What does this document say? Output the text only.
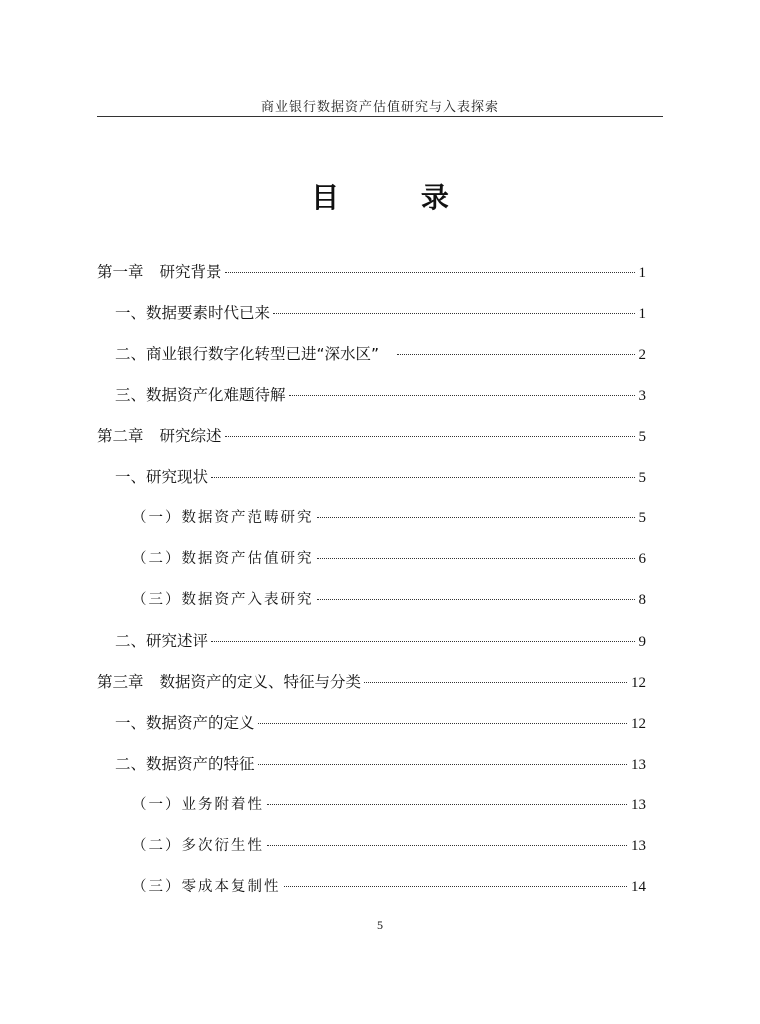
商业银行数据资产估值研究与入表探索
目 录
第一章 研究背景	1
一、数据要素时代已来	1
二、商业银行数字化转型已进“深水区”	2
三、数据资产化难题待解	3
第二章 研究综述	5
一、研究现状	5
（一）数据资产范畴研究	5
（二）数据资产估值研究	6
（三）数据资产入表研究	8
二、研究述评	9
第三章 数据资产的定义、特征与分类	12
一、数据资产的定义	12
二、数据资产的特征	13
（一）业务附着性	13
（二）多次衍生性	13
（三）零成本复制性	14
5
